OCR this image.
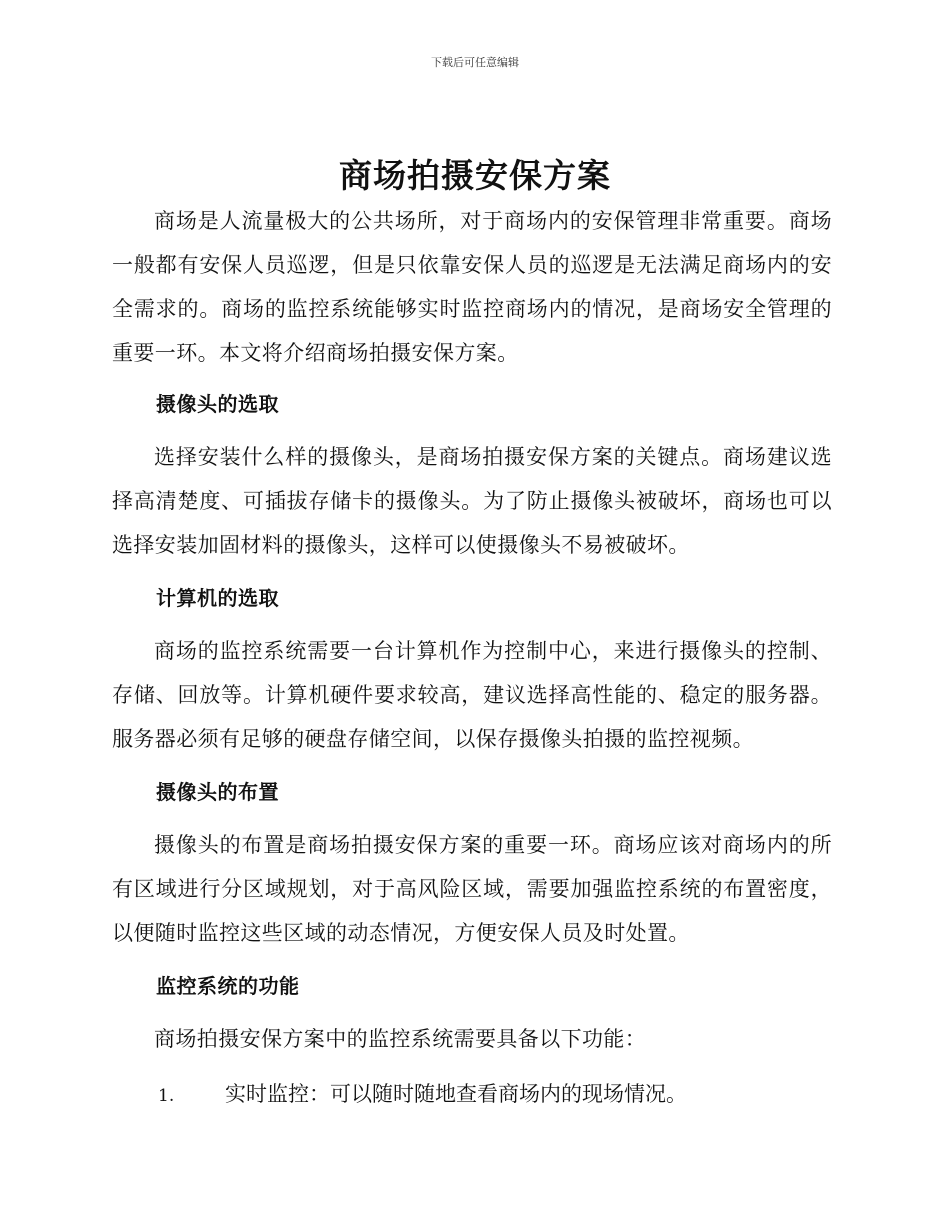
下载后可任意编辑
商场拍摄安保方案

商场是人流量极大的公共场所，对于商场内的安保管理非常重要。商场一般都有安保人员巡逻，但是只依靠安保人员的巡逻是无法满足商场内的安全需求的。商场的监控系统能够实时监控商场内的情况，是商场安全管理的重要一环。本文将介绍商场拍摄安保方案。

摄像头的选取

选择安装什么样的摄像头，是商场拍摄安保方案的关键点。商场建议选择高清楚度、可插拔存储卡的摄像头。为了防止摄像头被破坏，商场也可以选择安装加固材料的摄像头，这样可以使摄像头不易被破坏。

计算机的选取

商场的监控系统需要一台计算机作为控制中心，来进行摄像头的控制、存储、回放等。计算机硬件要求较高，建议选择高性能的、稳定的服务器。服务器必须有足够的硬盘存储空间，以保存摄像头拍摄的监控视频。

摄像头的布置

摄像头的布置是商场拍摄安保方案的重要一环。商场应该对商场内的所有区域进行分区域规划，对于高风险区域，需要加强监控系统的布置密度，以便随时监控这些区域的动态情况，方便安保人员及时处置。

监控系统的功能

商场拍摄安保方案中的监控系统需要具备以下功能：

1. 实时监控：可以随时随地查看商场内的现场情况。
